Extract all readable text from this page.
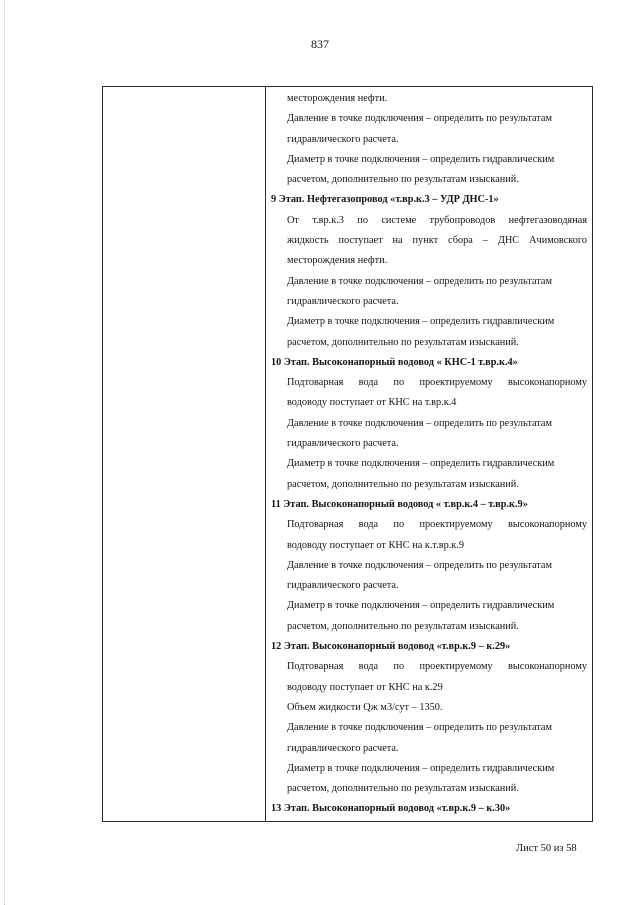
837
месторождения нефти.
Давление в точке подключения – определить по результатам
гидравлического расчета.
Диаметр в точке подключения – определить гидравлическим
расчетом, дополнительно по результатам изысканий.
9 Этап. Нефтегазопровод «т.вр.к.3 – УДР ДНС-1»
От т.вр.к.3 по системе трубопроводов нефтегазоводяная
жидкость поступает на пункт сбора – ДНС Ачимовского
месторождения нефти.
Давление в точке подключения – определить по результатам
гидравлического расчета.
Диаметр в точке подключения – определить гидравлическим
расчетом, дополнительно по результатам изысканий.
10 Этап. Высоконапорный водовод « КНС-1 т.вр.к.4»
Подтоварная вода по проектируемому высоконапорному
водоводу поступает от КНС на т.вр.к.4
Давление в точке подключения – определить по результатам
гидравлического расчета.
Диаметр в точке подключения – определить гидравлическим
расчетом, дополнительно по результатам изысканий.
11 Этап. Высоконапорный водовод « т.вр.к.4 – т.вр.к.9»
Подтоварная вода по проектируемому высоконапорному
водоводу поступает от КНС на к.т.вр.к.9
Давление в точке подключения – определить по результатам
гидравлического расчета.
Диаметр в точке подключения – определить гидравлическим
расчетом, дополнительно по результатам изысканий.
12 Этап. Высоконапорный водовод «т.вр.к.9 – к.29»
Подтоварная вода по проектируемому высоконапорному
водоводу поступает от КНС на к.29
Объем жидкости Qж м3/сут – 1350.
Давление в точке подключения – определить по результатам
гидравлического расчета.
Диаметр в точке подключения – определить гидравлическим
расчетом, дополнительно по результатам изысканий.
13 Этап. Высоконапорный водовод «т.вр.к.9 – к.30»
Лист 50 из 58
